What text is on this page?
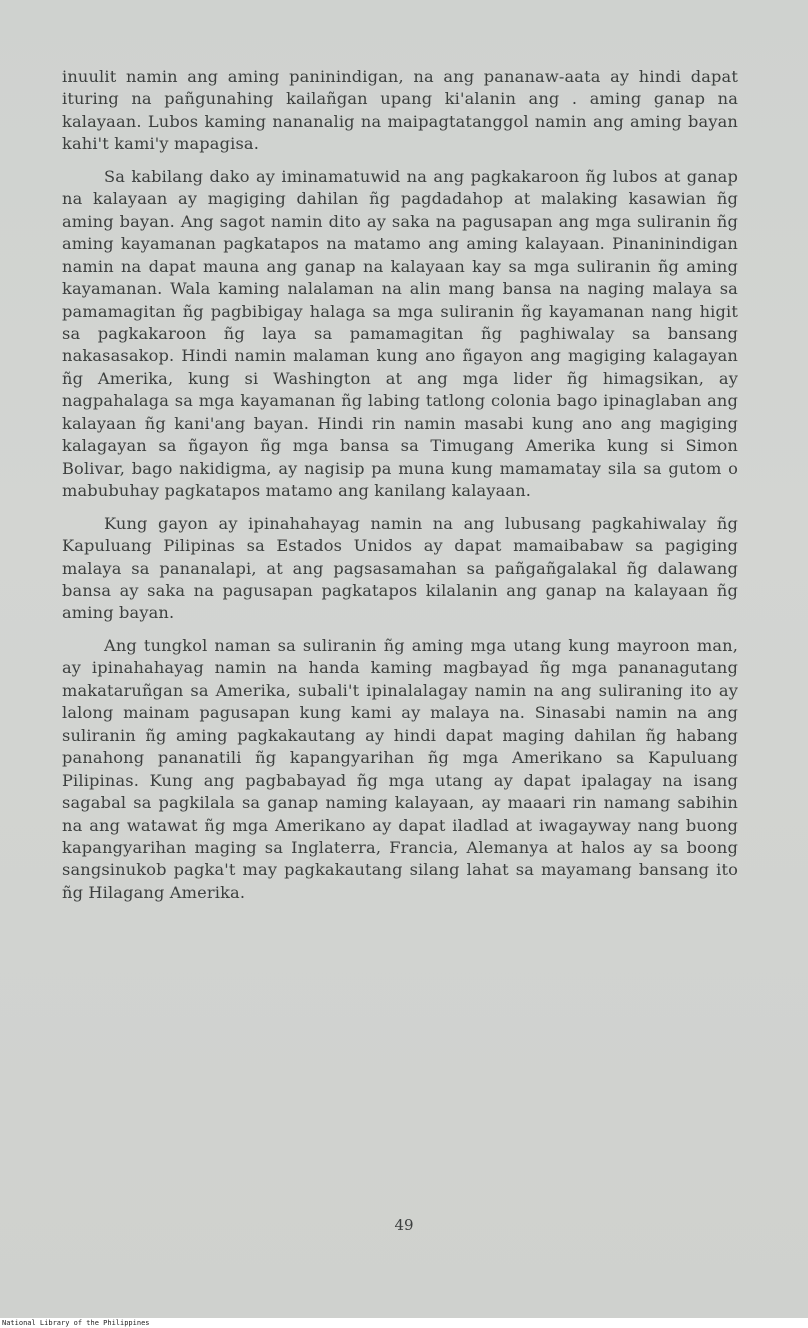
inuulit namin ang aming paninindigan, na ang pananaw-aata ay hindi dapat ituring na pañgunahing kailañgan upang ki'alanin ang . aming ganap na kalayaan. Lubos kaming nananalig na maipagtatanggol namin ang aming bayan kahi't kami'y mapagisa.

Sa kabilang dako ay iminamatuwid na ang pagkakaroon ñg lubos at ganap na kalayaan ay magiging dahilan ñg pagdadahop at malaking kasawian ñg aming bayan. Ang sagot namin dito ay saka na pagusapan ang mga suliranin ñg aming kayamanan pagkatapos na matamo ang aming kalayaan. Pinaninindigan namin na dapat mauna ang ganap na kalayaan kay sa mga suliranin ñg aming kayamanan. Wala kaming nalalaman na alin mang bansa na naging malaya sa pamamagitan ñg pagbibigay halaga sa mga suliranin ñg kayamanan nang higit sa pagkakaroon ñg laya sa pamamagitan ñg paghiwalay sa bansang nakasasakop. Hindi namin malaman kung ano ñgayon ang magiging kalagayan ñg Amerika, kung si Washington at ang mga lider ñg himagsikan, ay nagpahalaga sa mga kayamanan ñg labing tatlong colonia bago ipinaglaban ang kalayaan ñg kani'ang bayan. Hindi rin namin masabi kung ano ang magiging kalagayan sa ñgayon ñg mga bansa sa Timugang Amerika kung si Simon Bolivar, bago nakidigma, ay nagisip pa muna kung mamamatay sila sa gutom o mabubuhay pagkatapos matamo ang kanilang kalayaan.

Kung gayon ay ipinahahayag namin na ang lubusang pagkahiwalay ñg Kapuluang Pilipinas sa Estados Unidos ay dapat mamaibabaw sa pagiging malaya sa pananalapi, at ang pagsasamahan sa pañgañgalakal ñg dalawang bansa ay saka na pagusapan pagkatapos kilalanin ang ganap na kalayaan ñg aming bayan.

Ang tungkol naman sa suliranin ñg aming mga utang kung mayroon man, ay ipinahahayag namin na handa kaming magbayad ñg mga pananagutang makataruñgan sa Amerika, subali't ipinalalagay namin na ang suliraning ito ay lalong mainam pagusapan kung kami ay malaya na. Sinasabi namin na ang suliranin ñg aming pagkakautang ay hindi dapat maging dahilan ñg habang panahong pananatili ñg kapangyarihan ñg mga Amerikano sa Kapuluang Pilipinas. Kung ang pagbabayad ñg mga utang ay dapat ipalagay na isang sagabal sa pagkilala sa ganap naming kalayaan, ay maaari rin namang sabihin na ang watawat ñg mga Amerikano ay dapat iladlad at iwagayway nang buong kapangyarihan maging sa Inglaterra, Francia, Alemanya at halos ay sa boong sangsinukob pagka't may pagkakautang silang lahat sa mayamang bansang ito ñg Hilagang Amerika.

49
National Library of the Philippines
